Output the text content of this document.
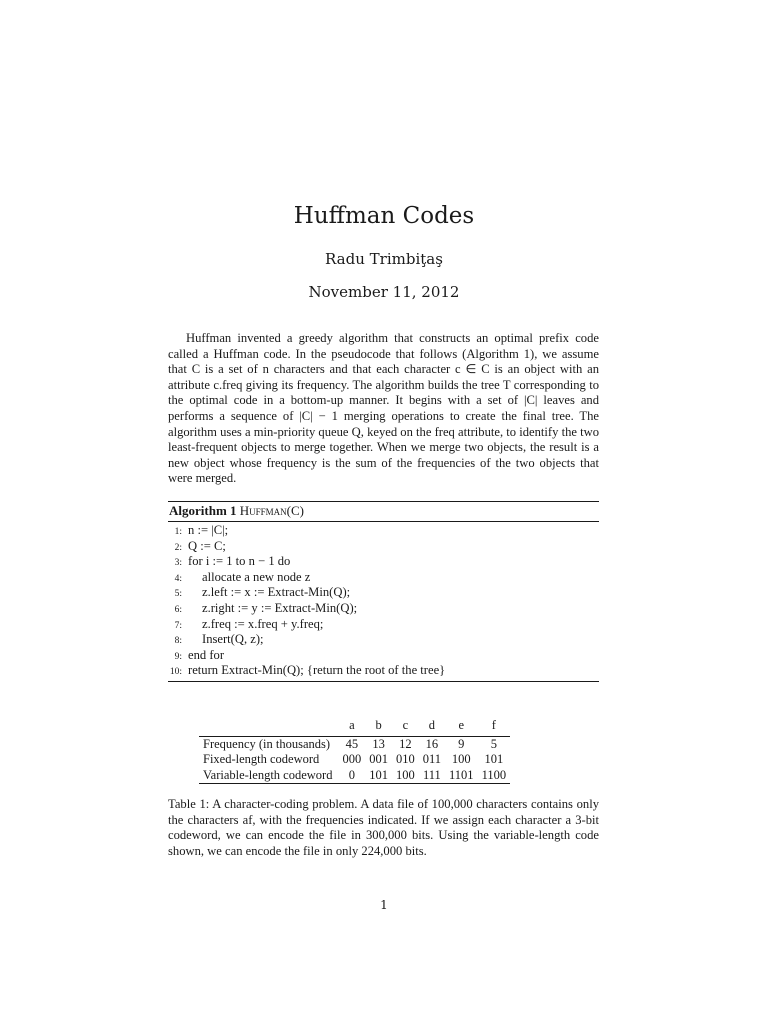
Huffman Codes
Radu Trimbiţaş
November 11, 2012

Huffman invented a greedy algorithm that constructs an optimal prefix code called a Huffman code. In the pseudocode that follows (Algorithm 1), we assume that C is a set of n characters and that each character c ∈ C is an object with an attribute c.freq giving its frequency. The algorithm builds the tree T corresponding to the optimal code in a bottom-up manner. It begins with a set of |C| leaves and performs a sequence of |C| − 1 merging operations to create the final tree. The algorithm uses a min-priority queue Q, keyed on the freq attribute, to identify the two least-frequent objects to merge together. When we merge two objects, the result is a new object whose frequency is the sum of the frequencies of the two objects that were merged.

Algorithm 1 Huffman(C)
1: n := |C|;
2: Q := C;
3: for i := 1 to n − 1 do
4: allocate a new node z
5: z.left := x := Extract-Min(Q);
6: z.right := y := Extract-Min(Q);
7: z.freq := x.freq + y.freq;
8: Insert(Q, z);
9: end for
10: return Extract-Min(Q); {return the root of the tree}
	a	b	c	d	e	f
Frequency (in thousands)	45	13	12	16	9	5
Fixed-length codeword	000	001	010	011	100	101
Variable-length codeword	0	101	100	111	1101	1100

Table 1: A character-coding problem. A data file of 100,000 characters contains only the characters af, with the frequencies indicated. If we assign each character a 3-bit codeword, we can encode the file in 300,000 bits. Using the variable-length code shown, we can encode the file in only 224,000 bits.

1
